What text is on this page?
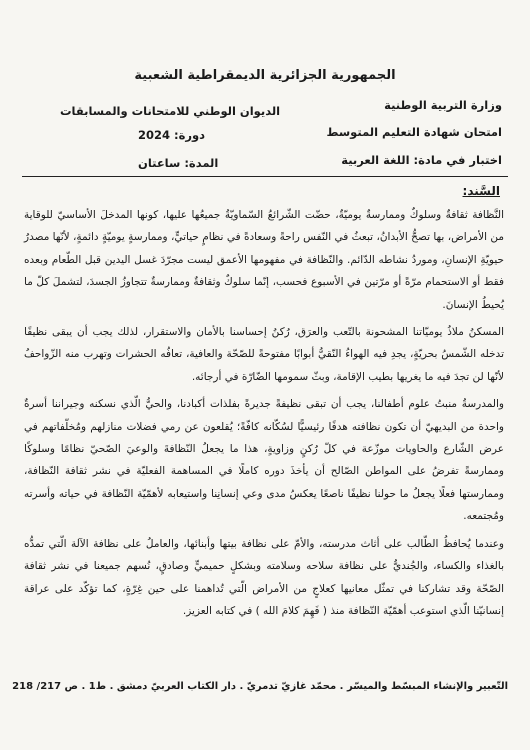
الجمهورية الجزائرية الديمقراطية الشعبية
وزارة التربية الوطنية
الديوان الوطني للامتحانات والمسابقات
امتحان شهادة التعليم المتوسط
دورة: 2024
اختبار في مادة: اللغة العربية
المدة: ساعتان
السَّند:

النَّظافة ثقافةٌ وسلوكٌ وممارسةٌ يوميّةٌ، حضّت الشّرائعُ السّماويّةُ جميعُها عليها، كونها المدخلَ الأساسيّ للوقاية من الأمراض، بها تصحُّ الأبدانُ، تبعثُ في النّفس راحةً وسعادةً في نظامٍ حياتيٍّ، وممارسةٍ يوميّةٍ دائمةٍ، لأنّها مصدرُ حيويّةِ الإنسانِ، وموردُ نشاطه الدّائم. والنّظافة في مفهومها الأعمق ليست مجرّدَ غسل اليدين قبل الطّعام وبعده فقط أو الاستحمام مرّةً أو مرّتين في الأسبوع فحسب، إنّما سلوكٌ وثقافةٌ وممارسةٌ تتجاوزُ الجسدَ، لتشملَ كلّ ما يُحيطُ الإنسانَ.

المسكنُ ملاذُ يوميّاتنا المشحونة بالتّعب والعرَق، رُكنُ إحساسنا بالأمان والاستقرار، لذلك يجب أن يبقى نظيفًا تدخله الشّمسُ بحريّةٍ، يجدِ فيه الهواءُ النّقيُّ أبوابًا مفتوحةً للصّحّة والعافية، تعافُه الحشرات وتهرب منه الزّواحفُ لأنّها لن تجدَ فيه ما يغريها بطيب الإقامة، وبثّ سمومها الضّارّة في أرجائه.

والمدرسةُ منبتُ علوم أطفالنا، يجب أن تبقى نظيفةً جديرةً بفلذات أكبادنا، والحيُّ الّذي نسكنه وجيراننا أسرةٌ واحدة من البديهيّ أن تكون نظافته هدفًا رئيسيًّا لسُكّانه كافّةً؛ يُقلعون عن رمي فضلات منازلهم ومُخلّفاتهم في عرض الشّارع والحاويات موزّعة في كلّ رُكنٍ وزاويةٍ، هذا ما يجعلُ النّظافةَ والوعيَ الصّحيّ نظامًا وسلوكًا وممارسةً تفرضُ على المواطن الصّالح أن يأخذَ دوره كاملًا في المساهمة الفعليّة في نشر ثقافة النّظافة، وممارستها فعلًا يجعلُ ما حولنا نظيفًا ناصعًا يعكسُ مدى وعي إنسانِنا واستيعابه لأهمّيّة النّظافة في حياته وأسرته ومُجتمعه.

وعندما يُحافظُ الطّالب على أثاث مدرسته، والأمّ على نظافة بيتها وأبنائها، والعاملُ على نظافة الآلة الّتي تمدُّه بالغذاء والكساء، والجُنديُّ على نظافة سلاحه وسلامته وبشكلٍ حميميٍّ وصادقٍ، نُسهم جميعنا في نشر ثقافة الصّحّة وقد تشاركنا في تمثّل معانيها كعلاجٍ من الأمراض الّتي تُداهمنا على حين غِرّةٍ، كما تؤكّد على عراقة إنسانيّنا الّذي استوعب أهمّيّة النّظافة منذ ( فَهِمَ كلامَ الله ) في كتابه العزيز.

التّعبير والإنشاء المبسّط والميسّر . محمّد غازيّ تدمريّ . دار الكتاب العربيّ دمشق . ط1 . ص 217/ 218
